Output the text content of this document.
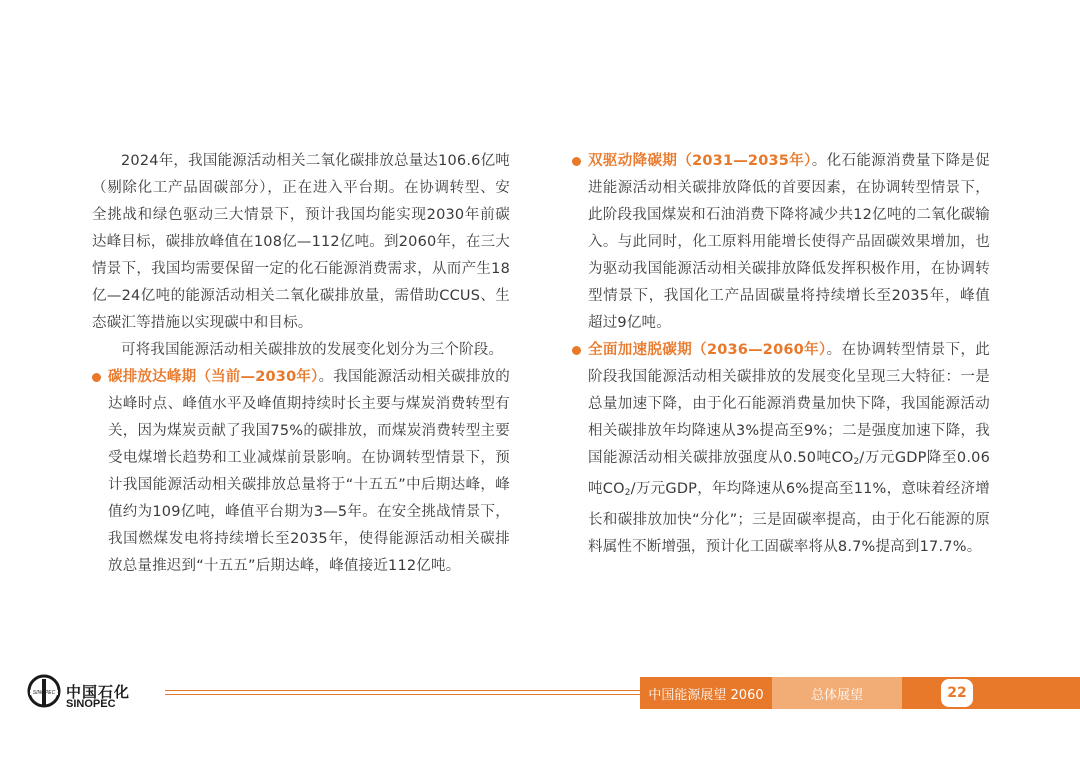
2024年，我国能源活动相关二氧化碳排放总量达106.6亿吨（剔除化工产品固碳部分），正在进入平台期。在协调转型、安全挑战和绿色驱动三大情景下，预计我国均能实现2030年前碳达峰目标，碳排放峰值在108亿—112亿吨。到2060年，在三大情景下，我国均需要保留一定的化石能源消费需求，从而产生18亿—24亿吨的能源活动相关二氧化碳排放量，需借助CCUS、生态碳汇等措施以实现碳中和目标。

可将我国能源活动相关碳排放的发展变化划分为三个阶段。

碳排放达峰期（当前—2030年）。我国能源活动相关碳排放的达峰时点、峰值水平及峰值期持续时长主要与煤炭消费转型有关，因为煤炭贡献了我国75%的碳排放，而煤炭消费转型主要受电煤增长趋势和工业减煤前景影响。在协调转型情景下，预计我国能源活动相关碳排放总量将于“十五五”中后期达峰，峰值约为109亿吨，峰值平台期为3—5年。在安全挑战情景下，我国燃煤发电将持续增长至2035年，使得能源活动相关碳排放总量推迟到“十五五”后期达峰，峰值接近112亿吨。

双驱动降碳期（2031—2035年）。化石能源消费量下降是促进能源活动相关碳排放降低的首要因素，在协调转型情景下，此阶段我国煤炭和石油消费下降将减少共12亿吨的二氧化碳输入。与此同时，化工原料用能增长使得产品固碳效果增加，也为驱动我国能源活动相关碳排放降低发挥积极作用，在协调转型情景下，我国化工产品固碳量将持续增长至2035年，峰值超过9亿吨。

全面加速脱碳期（2036—2060年）。在协调转型情景下，此阶段我国能源活动相关碳排放的发展变化呈现三大特征：一是总量加速下降，由于化石能源消费量加快下降，我国能源活动相关碳排放年均降速从3%提高至9%；二是强度加速下降，我国能源活动相关碳排放强度从0.50吨$CO_2/$万元GDP降至0.06吨$CO_2/$万元GDP，年均降速从6%提高至11%，意味着经济增长和碳排放加快“分化”；三是固碳率提高，由于化石能源的原料属性不断增强，预计化工固碳率将从8.7%提高到17.7%。

SINOPEC 中国石化
SINOPEC
中国能源展望 2060	总体展望	22
